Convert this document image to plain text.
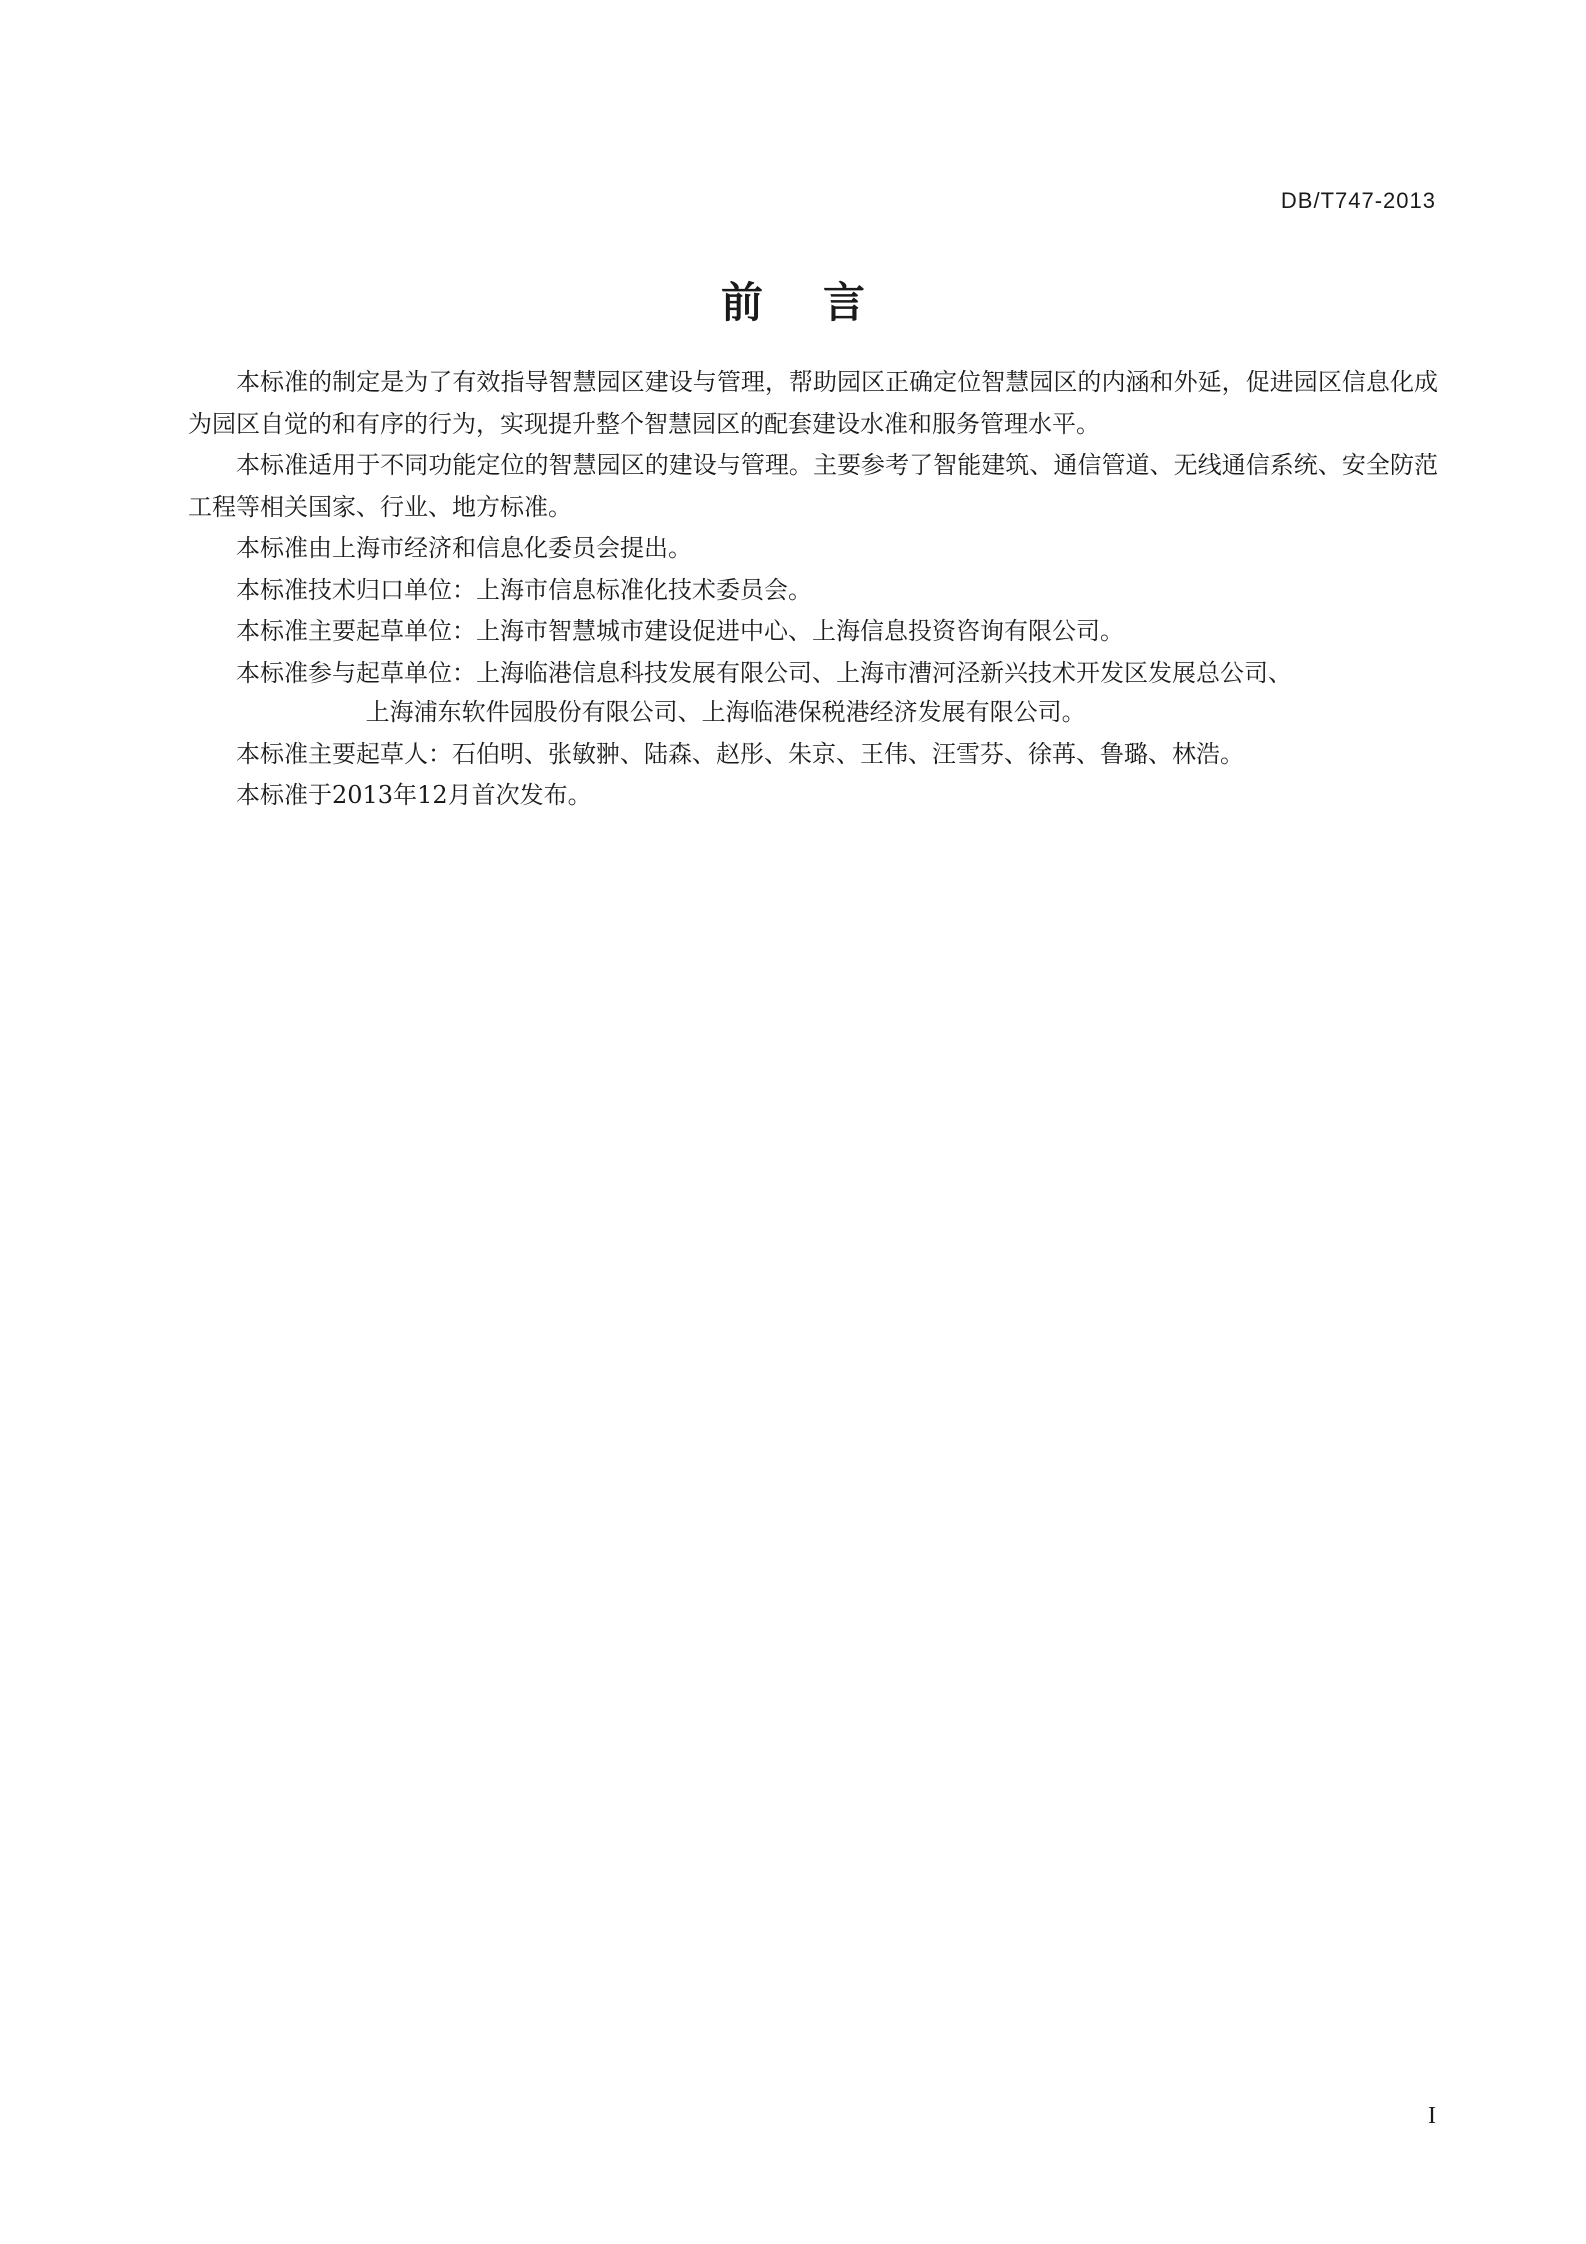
DB/T747-2013
前言

本标准的制定是为了有效指导智慧园区建设与管理，帮助园区正确定位智慧园区的内涵和外延，促进园区信息化成为园区自觉的和有序的行为，实现提升整个智慧园区的配套建设水准和服务管理水平。

本标准适用于不同功能定位的智慧园区的建设与管理。主要参考了智能建筑、通信管道、无线通信系统、安全防范工程等相关国家、行业、地方标准。

本标准由上海市经济和信息化委员会提出。

本标准技术归口单位：上海市信息标准化技术委员会。

本标准主要起草单位：上海市智慧城市建设促进中心、上海信息投资咨询有限公司。

本标准参与起草单位：上海临港信息科技发展有限公司、上海市漕河泾新兴技术开发区发展总公司、

上海浦东软件园股份有限公司、上海临港保税港经济发展有限公司。

本标准主要起草人：石伯明、张敏翀、陆森、赵彤、朱京、王伟、汪雪芬、徐苒、鲁璐、林浩。

本标准于2013年12月首次发布。

I
